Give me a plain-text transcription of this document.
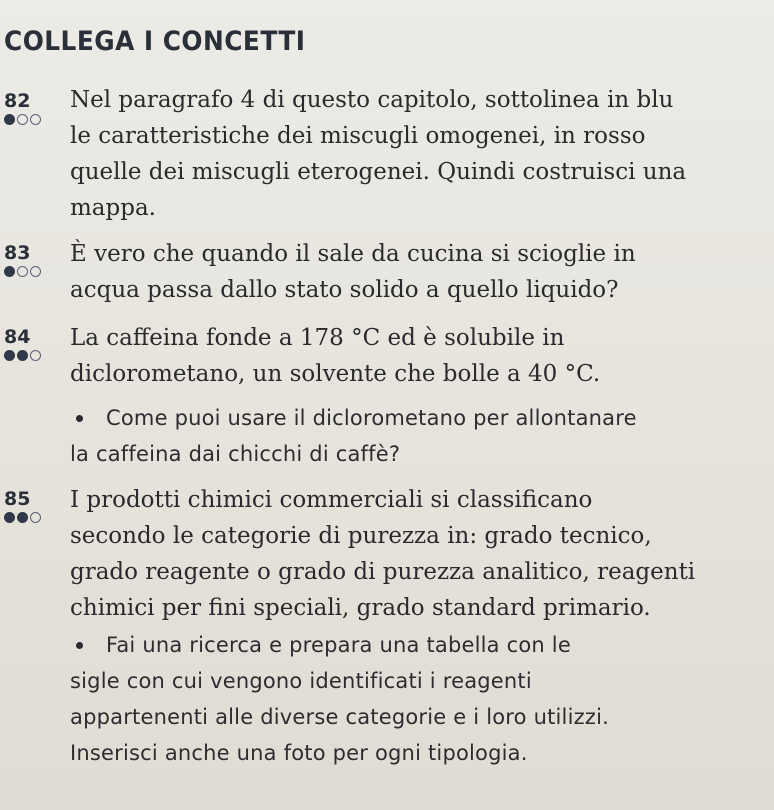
COLLEGA I CONCETTI
82 Nel paragrafo 4 di questo capitolo, sottolinea in blu
le caratteristiche dei miscugli omogenei, in rosso
quelle dei miscugli eterogenei. Quindi costruisci una
mappa.
83 È vero che quando il sale da cucina si scioglie in
acqua passa dallo stato solido a quello liquido?
84 La caffeina fonde a 178 °C ed è solubile in
diclorometano, un solvente che bolle a 40 °C.
Come puoi usare il diclorometano per allontanare
la caffeina dai chicchi di caffè?
85 I prodotti chimici commerciali si classificano
secondo le categorie di purezza in: grado tecnico,
grado reagente o grado di purezza analitico, reagenti
chimici per fini speciali, grado standard primario.
Fai una ricerca e prepara una tabella con le
sigle con cui vengono identificati i reagenti
appartenenti alle diverse categorie e i loro utilizzi.
Inserisci anche una foto per ogni tipologia.
